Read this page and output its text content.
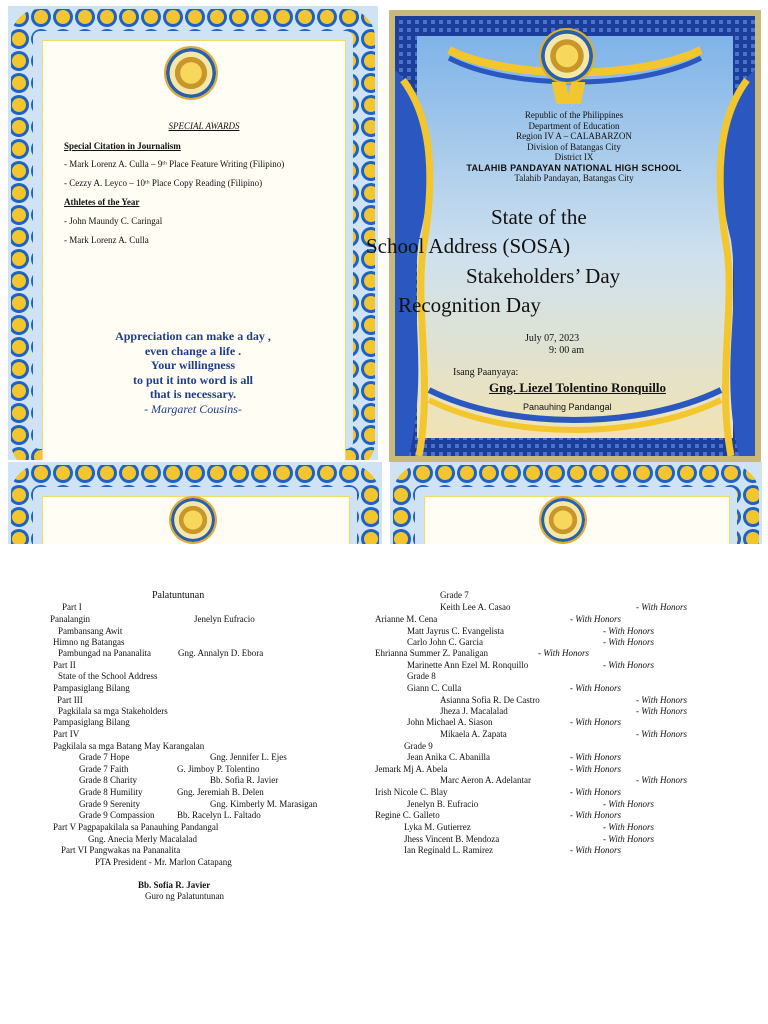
SPECIAL AWARDS
Special Citation in Journalism
- Mark Lorenz A. Culla – 9ᵗʰ Place Feature Writing (Filipino)
- Cezzy A. Leyco – 10ᵗʰ Place Copy Reading (Filipino)
Athletes of the Year
- John Maundy C. Caringal
- Mark Lorenz A. Culla
Appreciation can make a day ,
even change a life .
Your willingness
to put it into word is all
that is necessary.
- Margaret Cousins-
Republic of the Philippines
Department of Education
Region IV A – CALABARZON
Division of Batangas City
District IX
TALAHIB PANDAYAN NATIONAL HIGH SCHOOL
Talahib Pandayan, Batangas City
State of the
School Address (SOSA)
Stakeholders’ Day
Recognition Day
July 07, 2023
9: 00 am
Isang Paanyaya:
Gng. Liezel Tolentino Ronquillo
Panauhing Pandangal
Palatuntunan
Part I
Panalangin	Jenelyn Eufracio
Pambansang Awit
Himno ng Batangas
Pambungad na Pananalita	Gng. Annalyn D. Ebora
Part II
State of the School Address
Pampasiglang Bilang
Part III
Pagkilala sa mga Stakeholders
Pampasiglang Bilang
Part IV
Pagkilala sa mga Batang May Karangalan
Grade 7 Hope	Gng. Jennifer L. Ejes
Grade 7 Faith	G. Jimboy P. Tolentino
Grade 8 Charity	Bb. Sofia R. Javier
Grade 8 Humility	Gng. Jeremiah B. Delen
Grade 9 Serenity	Gng. Kimberly M. Marasigan
Grade 9 Compassion	Bb. Racelyn L. Faltado
Part V Pagpapakilala sa Panauhing Pandangal
Gng. Anecia Merly Macalalad
Part VI Pangwakas na Pananalita
PTA President - Mr. Marlon Catapang
Bb. Sofia R. Javier
Guro ng Palatuntunan
Grade 7
Keith Lee A. Casao	- With Honors
Arianne M. Cena	- With Honors
Matt Jayrus C. Evangelista	- With Honors
Carlo John C. Garcia	- With Honors
Ehrianna Summer Z. Panaligan	- With Honors
Marinette Ann Ezel M. Ronquillo	- With Honors
Grade 8
Giann C. Culla	- With Honors
Asianna Sofia R. De Castro	- With Honors
Jheza J. Macalalad	- With Honors
John Michael A. Siason	- With Honors
Mikaela A. Zapata	- With Honors
Grade 9
Jean Anika C. Abanilla	- With Honors
Jemark Mj A. Abela	- With Honors
Marc Aeron A. Adelantar	- With Honors
Irish Nicole C. Blay	- With Honors
Jenelyn B. Eufracio	- With Honors
Regine C. Galleto	- With Honors
Lyka M. Gutierrez	- With Honors
Jhess Vincent B. Mendoza	- With Honors
Ian Reginald L. Ramirez	- With Honors
